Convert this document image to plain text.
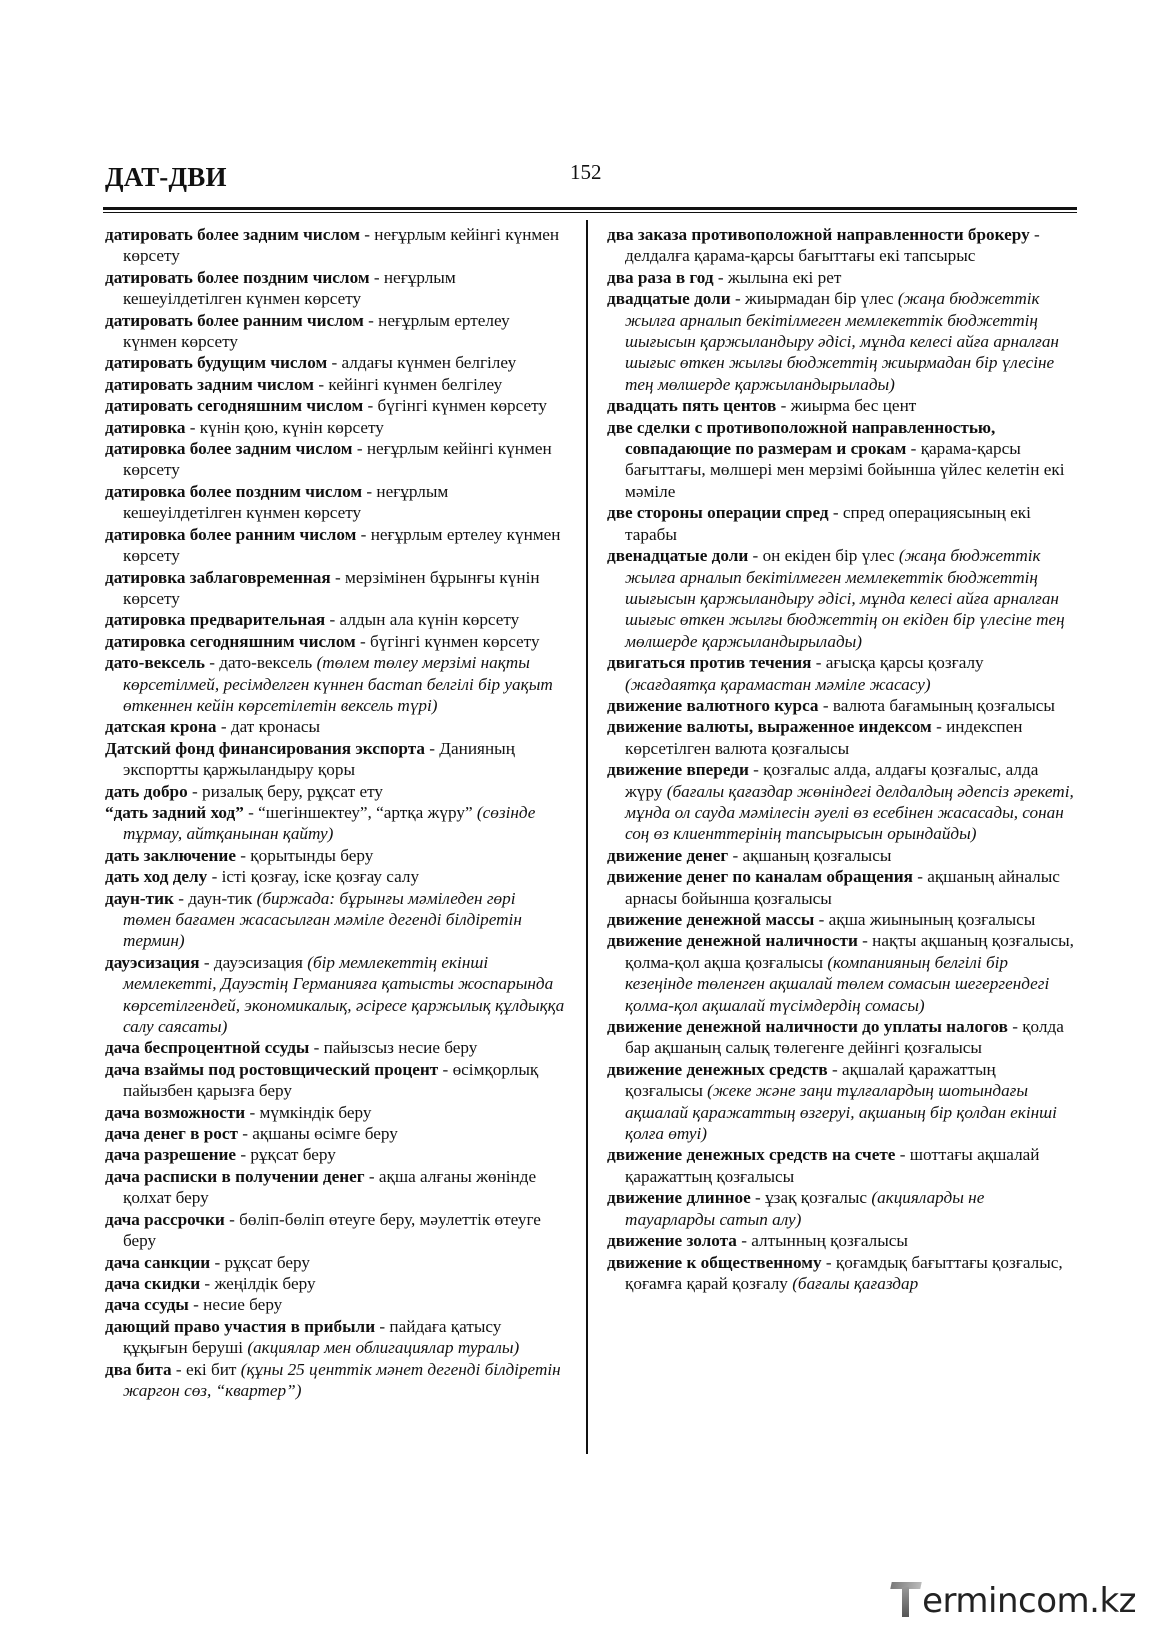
ДАТ-ДВИ	152

датировать более задним числом - неғұрлым кейінгі күнмен көрсету

датировать более поздним числом - неғұрлым кешеуілдетілген күнмен көрсету

датировать более ранним числом - неғұрлым ертелеу күнмен көрсету

датировать будущим числом - алдағы күнмен белгілеу

датировать задним числом - кейінгі күнмен белгілеу

датировать сегодняшним числом - бүгінгі күнмен көрсету

датировка - күнін қою, күнін көрсету

датировка более задним числом - неғұрлым кейінгі күнмен көрсету

датировка более поздним числом - неғұрлым кешеуілдетілген күнмен көрсету

датировка более ранним числом - неғұрлым ертелеу күнмен көрсету

датировка заблаговременная - мерзімінен бұрынғы күнін көрсету

датировка предварительная - алдын ала күнін көрсету

датировка сегодняшним числом - бүгінгі күнмен көрсету

дато-вексель - дато-вексель (төлем төлеу мерзімі нақты көрсетілмей, ресімделген күннен бастап белгілі бір уақыт өткеннен кейін көрсетілетін вексель түрі)

датская крона - дат кронасы

Датский фонд финансирования экспорта - Данияның экспортты қаржыландыру қоры

дать добро - ризалық беру, рұқсат ету

“дать задний ход” - “шегіншектеу”, “артқа жүру” (сөзінде тұрмау, айтқанынан қайту)

дать заключение - қорытынды беру

дать ход делу - істі қозғау, іске қозғау салу

даун-тик - даун-тик (биржада: бұрынғы мәміледен гөрі төмен бағамен жасасылған мәміле дегенді білдіретін термин)

дауэсизация - дауэсизация (бір мемлекеттің екінші мемлекетті, Дауэстің Германияға қатысты жоспарында көрсетілгендей, экономикалық, әсіресе қаржылық құлдыққа салу саясаты)

дача беспроцентной ссуды - пайызсыз несие беру

дача взаймы под ростовщический процент - өсімқорлық пайызбен қарызға беру

дача возможности - мүмкіндік беру

дача денег в рост - ақшаны өсімге беру

дача разрешение - рұқсат беру

дача расписки в получении денег - ақша алғаны жөнінде қолхат беру

дача рассрочки - бөліп-бөліп өтеуге беру, мәулеттік өтеуге беру

дача санкции - рұқсат беру

дача скидки - жеңілдік беру

дача ссуды - несие беру

дающий право участия в прибыли - пайдаға қатысу құқығын беруші (акциялар мен облигациялар туралы)

два бита - екі бит (құны 25 центтік мәнет дегенді білдіретін жаргон сөз, “квартер”)

два заказа противоположной направленности брокеру - делдалға қарама-қарсы бағыттағы екі тапсырыс

два раза в год - жылына екі рет

двадцатые доли - жиырмадан бір үлес (жаңа бюджеттік жылға арналып бекітілмеген мемлекеттік бюджеттің шығысын қаржыландыру әдісі, мұнда келесі айға арналған шығыс өткен жылғы бюджеттің жиырмадан бір үлесіне тең мөлшерде қаржыландырылады)

двадцать пять центов - жиырма бес цент

две сделки с противоположной направленностью, совпадающие по размерам и срокам - қарама-қарсы бағыттағы, мөлшері мен мерзімі бойынша үйлес келетін екі мәміле

две стороны операции спред - спред операциясының екі тарабы

двенадцатые доли - он екіден бір үлес (жаңа бюджеттік жылға арналып бекітілмеген мемлекеттік бюджеттің шығысын қаржыландыру әдісі, мұнда келесі айға арналған шығыс өткен жылғы бюджеттің он екіден бір үлесіне тең мөлшерде қаржыландырылады)

двигаться против течения - ағысқа қарсы қозғалу (жағдаятқа қарамастан мәміле жасасу)

движение валютного курса - валюта бағамының қозғалысы

движение валюты, выраженное индексом - индекспен көрсетілген валюта қозғалысы

движение впереди - қозғалыс алда, алдағы қозғалыс, алда жүру (бағалы қағаздар жөніндегі делдалдың әдепсіз әрекеті, мұнда ол сауда мәмілесін әуелі өз есебінен жасасады, сонан соң өз клиенттерінің тапсырысын орындайды)

движение денег - ақшаның қозғалысы

движение денег по каналам обращения - ақшаның айналыс арнасы бойынша қозғалысы

движение денежной массы - ақша жиынының қозғалысы

движение денежной наличности - нақты ақшаның қозғалысы, қолма-қол ақша қозғалысы (компанияның белгілі бір кезеңінде төленген ақшалай төлем сомасын шегергендегі қолма-қол ақшалай түсімдердің сомасы)

движение денежной наличности до уплаты налогов - қолда бар ақшаның салық төлегенге дейінгі қозғалысы

движение денежных средств - ақшалай қаражаттың қозғалысы (жеке және заңи тұлғалардың шотындағы ақшалай қаражаттың өзгеруі, ақшаның бір қолдан екінші қолға өтуі)

движение денежных средств на счете - шоттағы ақшалай қаражаттың қозғалысы

движение длинное - ұзақ қозғалыс (акцияларды не тауарларды сатып алу)

движение золота - алтынның қозғалысы

движение к общественному - қоғамдық бағыттағы қозғалыс, қоғамға қарай қозғалу (бағалы қағаздар

ermincom.kz
